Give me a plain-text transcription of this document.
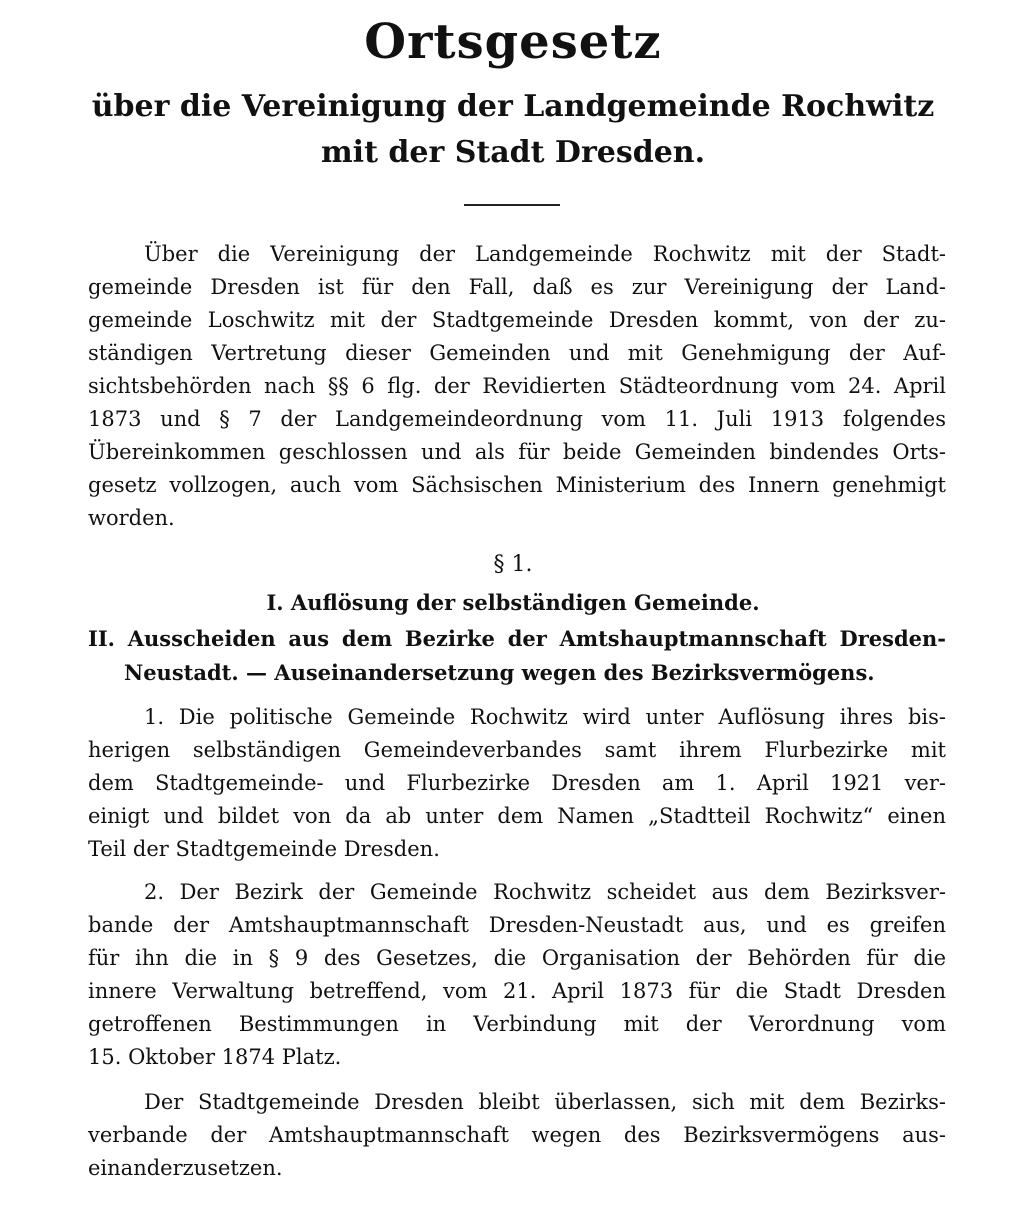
Ortsgesetz
über die Vereinigung der Landgemeinde Rochwitz
mit der Stadt Dresden.
Über die Vereinigung der Landgemeinde Rochwitz mit der Stadt-
gemeinde Dresden ist für den Fall, daß es zur Vereinigung der Land-
gemeinde Loschwitz mit der Stadtgemeinde Dresden kommt, von der zu-
ständigen Vertretung dieser Gemeinden und mit Genehmigung der Auf-
sichtsbehörden nach §§ 6 flg. der Revidierten Städteordnung vom 24. April
1873 und § 7 der Landgemeindeordnung vom 11. Juli 1913 folgendes
Übereinkommen geschlossen und als für beide Gemeinden bindendes Orts-
gesetz vollzogen, auch vom Sächsischen Ministerium des Innern genehmigt
worden.
§ 1.
I. Auflösung der selbständigen Gemeinde.
II. Ausscheiden aus dem Bezirke der Amtshauptmannschaft Dresden-
Neustadt. — Auseinandersetzung wegen des Bezirksvermögens.
1. Die politische Gemeinde Rochwitz wird unter Auflösung ihres bis-
herigen selbständigen Gemeindeverbandes samt ihrem Flurbezirke mit
dem Stadtgemeinde- und Flurbezirke Dresden am 1. April 1921 ver-
einigt und bildet von da ab unter dem Namen „Stadtteil Rochwitz“ einen
Teil der Stadtgemeinde Dresden.
2. Der Bezirk der Gemeinde Rochwitz scheidet aus dem Bezirksver-
bande der Amtshauptmannschaft Dresden-Neustadt aus, und es greifen
für ihn die in § 9 des Gesetzes, die Organisation der Behörden für die
innere Verwaltung betreffend, vom 21. April 1873 für die Stadt Dresden
getroffenen Bestimmungen in Verbindung mit der Verordnung vom
15. Oktober 1874 Platz.
Der Stadtgemeinde Dresden bleibt überlassen, sich mit dem Bezirks-
verbande der Amtshauptmannschaft wegen des Bezirksvermögens aus-
einanderzusetzen.
